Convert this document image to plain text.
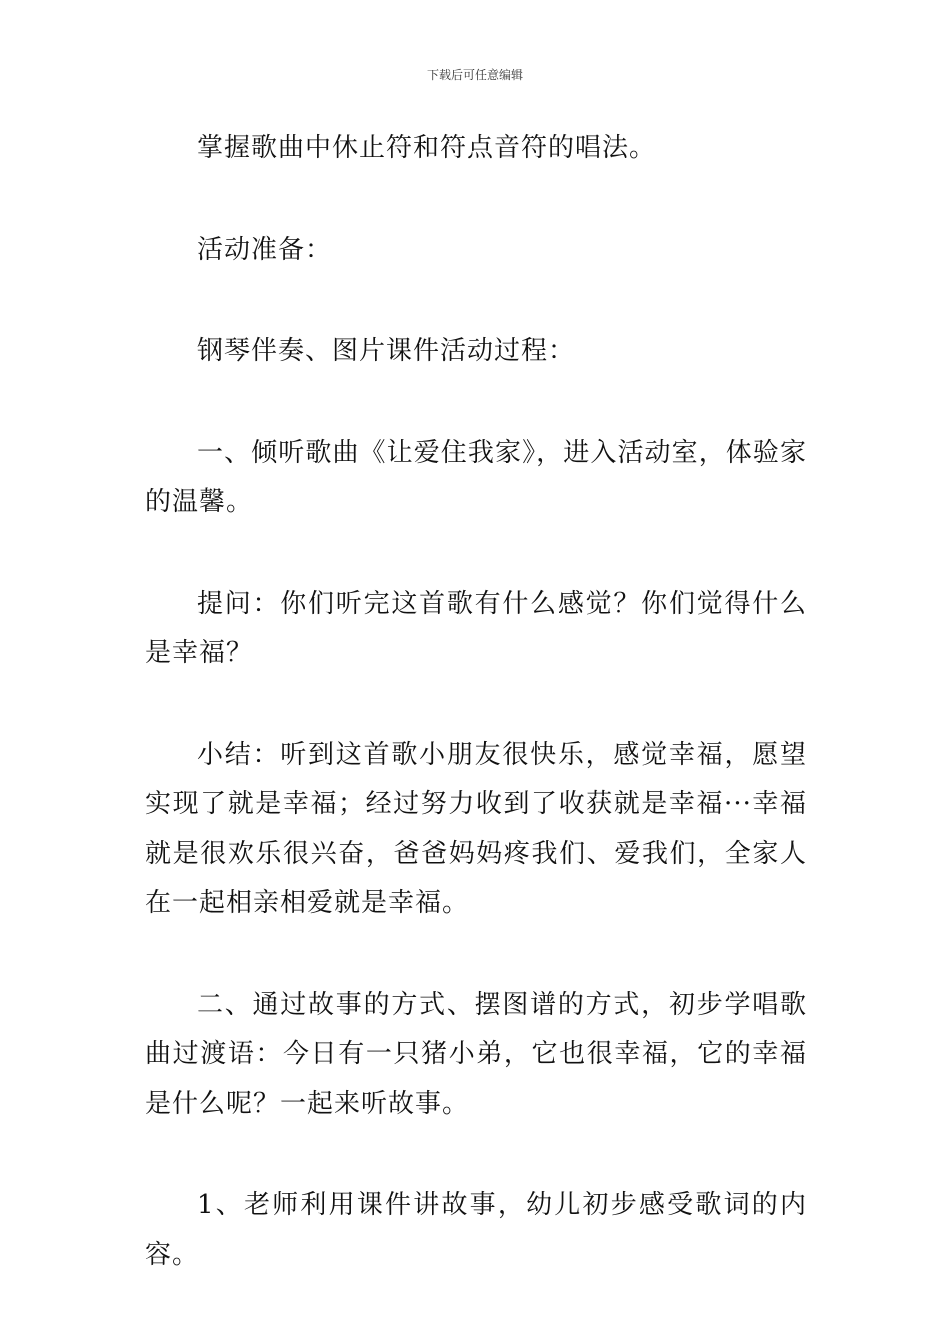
下载后可任意编辑

掌握歌曲中休止符和符点音符的唱法。

活动准备：

钢琴伴奏、图片课件活动过程：

一、倾听歌曲《让爱住我家》，进入活动室，体验家的温馨。

提问：你们听完这首歌有什么感觉？你们觉得什么是幸福？

小结：听到这首歌小朋友很快乐，感觉幸福，愿望实现了就是幸福；经过努力收到了收获就是幸福···幸福就是很欢乐很兴奋，爸爸妈妈疼我们、爱我们，全家人在一起相亲相爱就是幸福。

二、通过故事的方式、摆图谱的方式，初步学唱歌曲过渡语：今日有一只猪小弟，它也很幸福，它的幸福是什么呢？一起来听故事。

1、老师利用课件讲故事，幼儿初步感受歌词的内容。
